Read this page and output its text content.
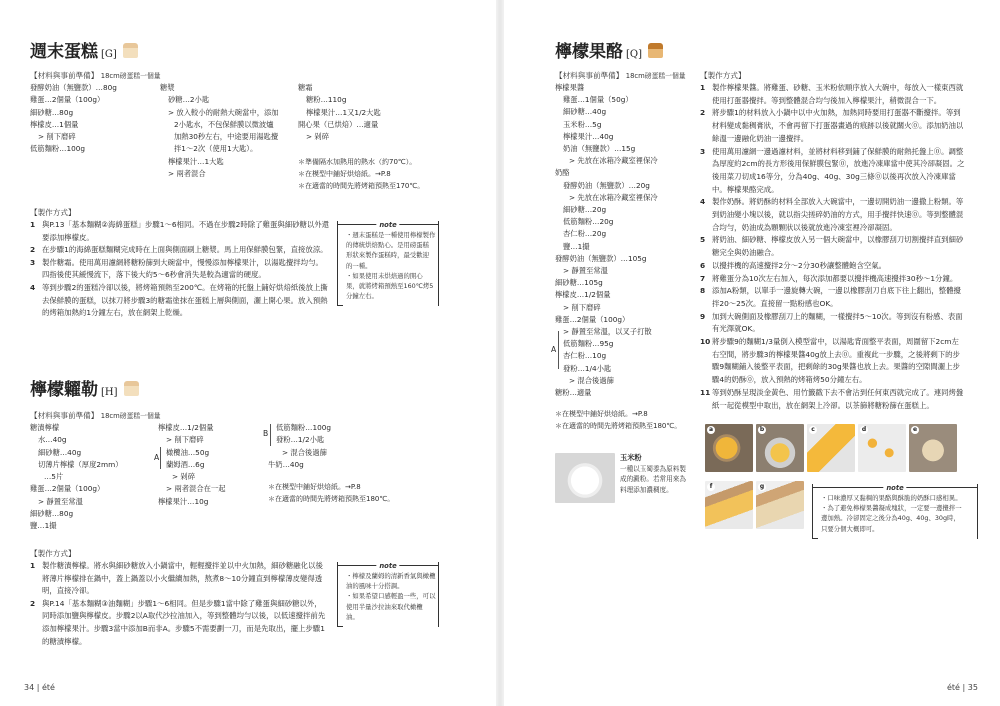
週末蛋糕 [G]
【材料與事前準備】 18cm磅蛋糕一個量
發酵奶油（無鹽款）…80g
雞蛋…2個量（100g）
細砂糖…80g
檸檬皮…1個量
> 削下磨碎
低筋麵粉…100g
糖漿
砂糖…2小匙
> 放入較小的耐熱大碗當中，添加
2小匙水，不包保鮮膜以微波爐
加熱30秒左右，中途要用湯匙攪
拌1～2次（使用1大匙）。
檸檬果汁…1大匙
> 兩者混合
糖霜
糖粉…110g
檸檬果汁…1又1/2大匙
開心果（已烘焙）…適量
> 剁碎
＊準備隔水加熱用的熱水（約70℃）。
＊在模型中鋪好烘焙紙。→P.8
＊在適當的時間先將烤箱預熱至170℃。
【製作方式】
1 與P.13「基本麵糊②海綿蛋糕」步驟1～6相同。不過在步驟2時除了雞蛋與細砂糖以外還要添加檸檬皮。
2 在步驟1的海綿蛋糕麵糊完成時在上面與側面刷上糖漿。馬上用保鮮膜包緊，直接放涼。
3 製作糖霜。使用萬用濾網將糖粉篩到大碗當中，慢慢添加檸檬果汁，以湯匙攪拌均勻。四指後使其緩慢流下，落下後大約5～6秒會消失是較為適當的硬度。
4 等到步驟2的蛋糕冷卻以後，將烤箱預熱至200℃。在烤箱的托盤上鋪好烘焙紙後放上撕去保鮮膜的蛋糕，以抹刀將步驟3的糖霜塗抹在蛋糕上層與側面，灑上開心果。放入預熱的烤箱加熱約1分鐘左右，放在網架上乾燥。
note
・週末蛋糕是一種使用檸檬製作
的傳統烘焙點心。是用磅蛋糕
形狀來製作蛋糕時，最受歡迎
的一種。
・如果使用未烘焙過的開心
果，就將烤箱預熱至160℃烤5
分鐘左右。
檸檬糶勒 [H]
【材料與事前準備】 18cm磅蛋糕一個量
糖漬檸檬
水…40g
細砂糖…40g
切薄片檸檬（厚度2mm）
…5片
雞蛋…2個量（100g）
> 靜置至常溫
細砂糖…80g
鹽…1撮
檸檬皮…1/2個量
> 削下磨碎
橄欖油…50g
蘭姆酒…6g
> 剁碎
> 兩者混合在一起
檸檬果汁…10g
A
低筋麵粉…100g
發粉…1/2小匙
> 混合後過篩
牛奶…40g
B
＊在模型中鋪好烘焙紙。→P.8
＊在適當的時間先將烤箱預熱至180℃。
【製作方式】
1 製作糖漬檸檬。將水與細砂糖放入小鍋當中，輕輕攪拌並以中火加熱，細砂糖融化以後將薄片檸檬排在鍋中，蓋上鍋蓋以小火繼續加熱，熬煮8～10分鐘直到檸檬薄皮變得透明，直接冷卻。
2 與P.14「基本麵糊③油麵糊」步驟1～6相同。但是步驟1當中除了雞蛋與細砂糖以外，同時添加鹽與檸檬皮。步驟2以A取代沙拉油加入，等到整體均勻以後，以低速攪拌前先添加檸檬果汁。步驟3當中添加B而非A。步驟5不需要劃一刀，而是先取出，擺上步驟1的糖漬檸檬。
note
・檸檬及蘭姆的清新香氣與橄欖
油的風味十分搭調。
・如果希望口感輕盈一些，可以
使用半量沙拉油來取代橄欖
油。
34 | été
檸檬果酪 [Q]
【材料與事前準備】 18cm磅蛋糕一個量
檸檬果醬
雞蛋…1個量（50g）
細砂糖…40g
玉米粉…5g
檸檬果汁…40g
奶油（無鹽款）…15g
> 先放在冰箱冷藏室裡保冷
奶酪
發酵奶油（無鹽款）…20g
> 先放在冰箱冷藏室裡保冷
細砂糖…20g
低筋麵粉…20g
杏仁粉…20g
鹽…1撮
發酵奶油（無鹽款）…105g
> 靜置至常溫
細砂糖…105g
檸檬皮…1/2個量
> 削下磨碎
雞蛋…2個量（100g）
> 靜置至常溫，以叉子打散
低筋麵粉…95g
杏仁粉…10g
發粉…1/4小匙
> 混合後過篩
糖粉…適量
A
＊在模型中鋪好烘焙紙。→P.8
＊在適當的時間先將烤箱預熱至180℃。
玉米粉
一種以玉蜀黍為原料製
成的澱粉。若常用來為
料理添加濃稠度。
【製作方式】
1 製作檸檬果醬。將雞蛋、砂糖、玉米粉依順序放入大碗中，每放入一樣東西就使用打蛋器攪拌。等到整體混合均勻後加入檸檬果汁，稍微混合一下。
2 將步驟1的材料放入小鍋中以中火加熱，加熱同時要用打蛋器不斷攪拌。等到材料變成黏稠膏狀，不會再留下打蛋器畫過的痕跡以後就關火⓪。添加奶油以餘溫一邊融化奶油一邊攪拌。
3 使用萬用濾網一邊過濾材料，並將材料移到鋪了保鮮膜的耐熱托盤上⓪。調整為厚度約2cm的長方形後用保鮮膜包緊⓪，放進冷凍庫當中使其冷卻凝固。之後用菜刀切成16等分，分為40g、40g、30g三條⓪以後再次放入冷凍庫當中。檸檬果酪完成。
4 製作奶酥。將奶酥的材料全部放入大碗當中，一邊切開奶油一邊撒上粉類。等到奶油變小塊以後，就以指尖搓碎奶油的方式，用手攪拌快速⓪。等到整體混合均勻，奶油成為顆顆狀以後就放進冷凍室裡冷卻凝固。
5 將奶油、細砂糖、檸檬皮放入另一個大碗當中，以橡膠刮刀切割攪拌直到細砂糖完全與奶油融合。
6 以攪拌機的高速攪拌2分～2分30秒讓整體飽含空氣。
7 將雞蛋分為10次左右加入，每次添加都要以攪拌機高速攪拌30秒～1分鐘。
8 添加A粉類，以單手一邊旋轉大碗，一邊以橡膠刮刀自底下往上翻出，整體攪拌20～25次。直接留一點粉感也OK。
9 加到大碗側面及橡膠刮刀上的麵糊，一樣攪拌5～10次。等到沒有粉感、表面有光澤就OK。
10 將步驟9的麵糊1/3量倒入模型當中，以湯匙背面整平表面，周圍留下2cm左右空間，將步驟3的檸檬果醬40g放上去⓪。重複此一步驟，之後將剩下的步驟9麵糊鋪入後整平表面，把剩餘的30g果醬也放上去。果醬的空隙間灑上步驟4的奶酥⓪，放入預熱的烤箱烤50分鐘左右。
11 等到奶酥呈現淡金黃色、用竹籤戳下去不會沾到任何東西就完成了。連同烤盤紙一起從模型中取出，放在網架上冷卻。以茶篩將糖粉篩在蛋糕上。
a	b	c	d	e
f	g	note
・口味濃厚又黏稠的果酪與酥脆的奶酥口感相異。
・為了避免檸檬果醬凝成塊狀，一定要一邊攪拌一
邊加熱。冷卻固定之後分為40g、40g、30g時，
只要分個大概即可。
été | 35
